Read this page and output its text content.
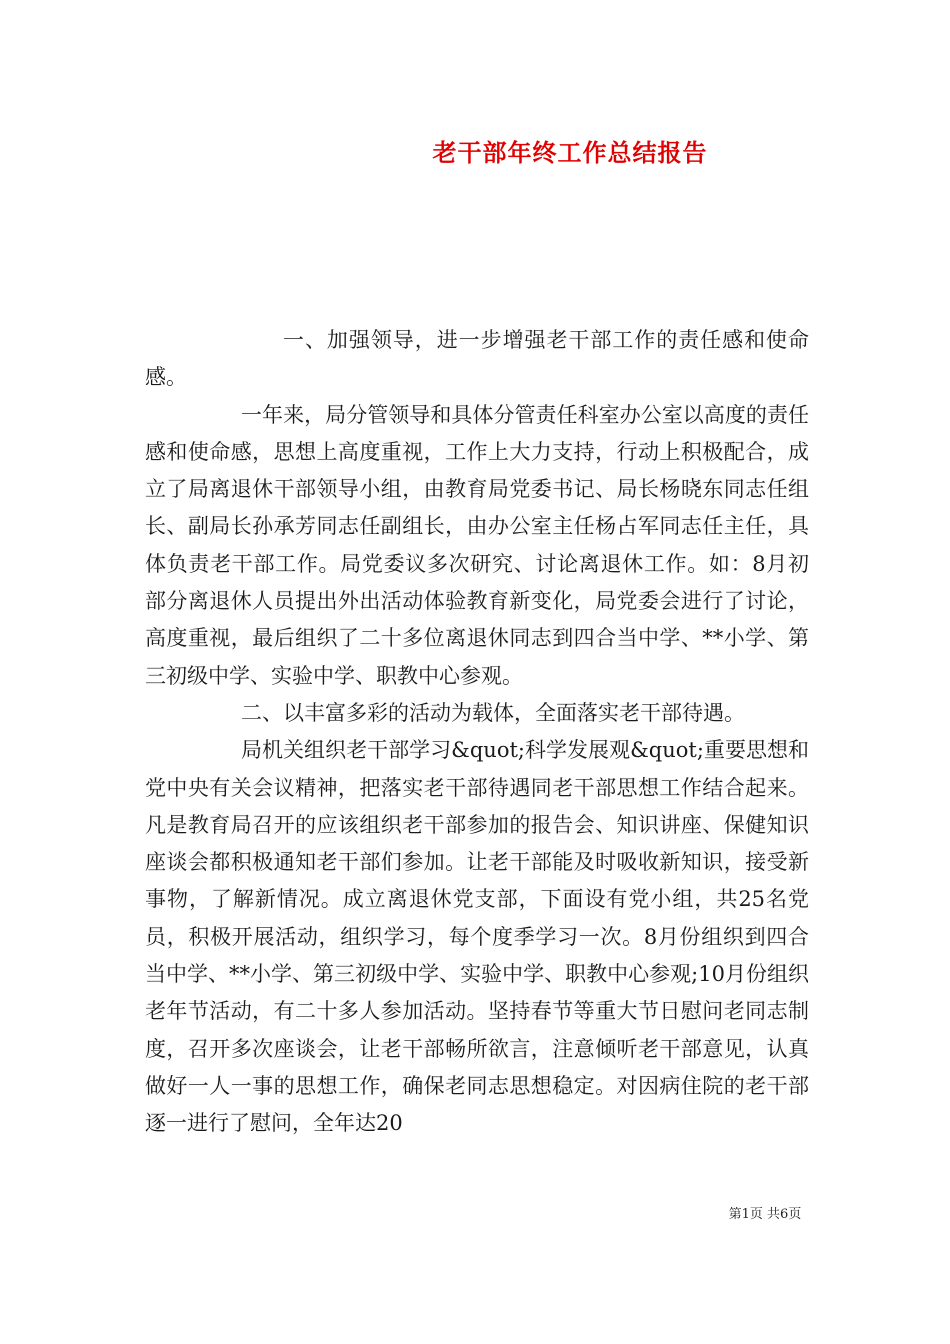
老干部年终工作总结报告

一、加强领导，进一步增强老干部工作的责任感和使命感。

一年来，局分管领导和具体分管责任科室办公室以高度的责任感和使命感，思想上高度重视，工作上大力支持，行动上积极配合，成立了局离退休干部领导小组，由教育局党委书记、局长杨晓东同志任组长、副局长孙承芳同志任副组长，由办公室主任杨占军同志任主任，具体负责老干部工作。局党委议多次研究、讨论离退休工作。如：8月初部分离退休人员提出外出活动体验教育新变化，局党委会进行了讨论，高度重视，最后组织了二十多位离退休同志到四合当中学、**小学、第三初级中学、实验中学、职教中心参观。

二、以丰富多彩的活动为载体，全面落实老干部待遇。

局机关组织老干部学习&quot;科学发展观&quot;重要思想和党中央有关会议精神，把落实老干部待遇同老干部思想工作结合起来。凡是教育局召开的应该组织老干部参加的报告会、知识讲座、保健知识座谈会都积极通知老干部们参加。让老干部能及时吸收新知识，接受新事物，了解新情况。成立离退休党支部，下面设有党小组，共25名党员，积极开展活动，组织学习，每个度季学习一次。8月份组织到四合当中学、**小学、第三初级中学、实验中学、职教中心参观;10月份组织老年节活动，有二十多人参加活动。坚持春节等重大节日慰问老同志制度，召开多次座谈会，让老干部畅所欲言，注意倾听老干部意见，认真做好一人一事的思想工作，确保老同志思想稳定。对因病住院的老干部逐一进行了慰问，全年达20

第1页 共6页
